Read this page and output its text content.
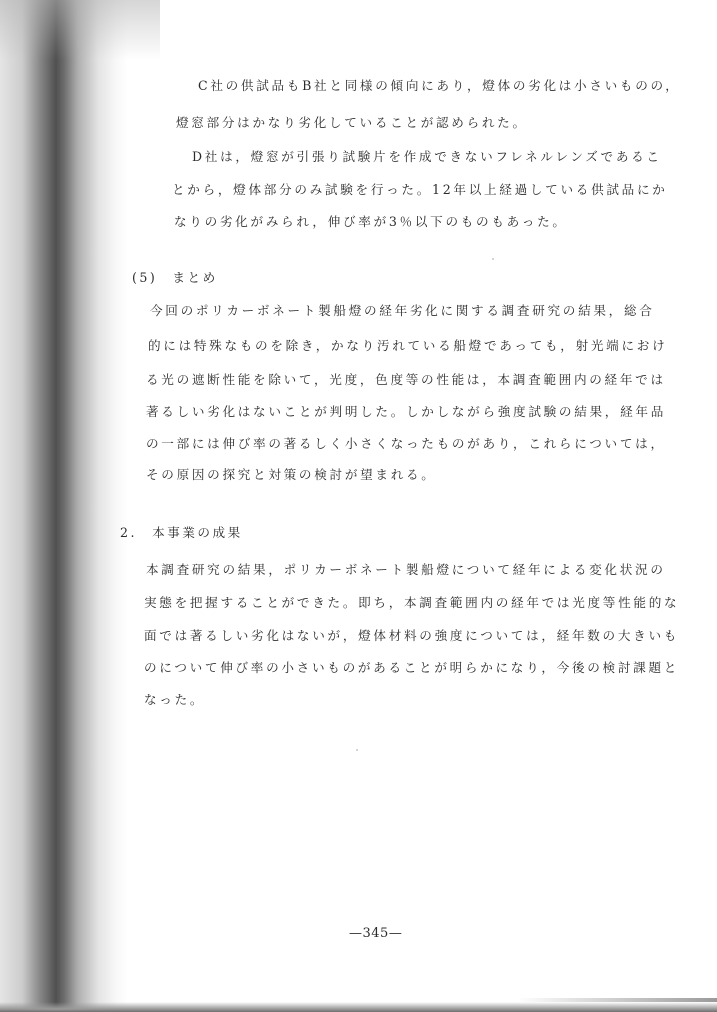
C社の供試品もB社と同様の傾向にあり，燈体の劣化は小さいものの，
燈窓部分はかなり劣化していることが認められた。
D社は，燈窓が引張り試験片を作成できないフレネルレンズであるこ
とから，燈体部分のみ試験を行った。12年以上経過している供試品にか
なりの劣化がみられ，伸び率が3％以下のものもあった。
(5)　まとめ
今回のポリカーボネート製船燈の経年劣化に関する調査研究の結果，総合
的には特殊なものを除き，かなり汚れている船燈であっても，射光端におけ
る光の遮断性能を除いて，光度，色度等の性能は，本調査範囲内の経年では
著るしい劣化はないことが判明した。しかしながら強度試験の結果，経年品
の一部には伸び率の著るしく小さくなったものがあり，これらについては，
その原因の探究と対策の検討が望まれる。
2.　本事業の成果
本調査研究の結果，ポリカーボネート製船燈について経年による変化状況の
実態を把握することができた。即ち，本調査範囲内の経年では光度等性能的な
面では著るしい劣化はないが，燈体材料の強度については，経年数の大きいも
のについて伸び率の小さいものがあることが明らかになり，今後の検討課題と
なった。
—345—
